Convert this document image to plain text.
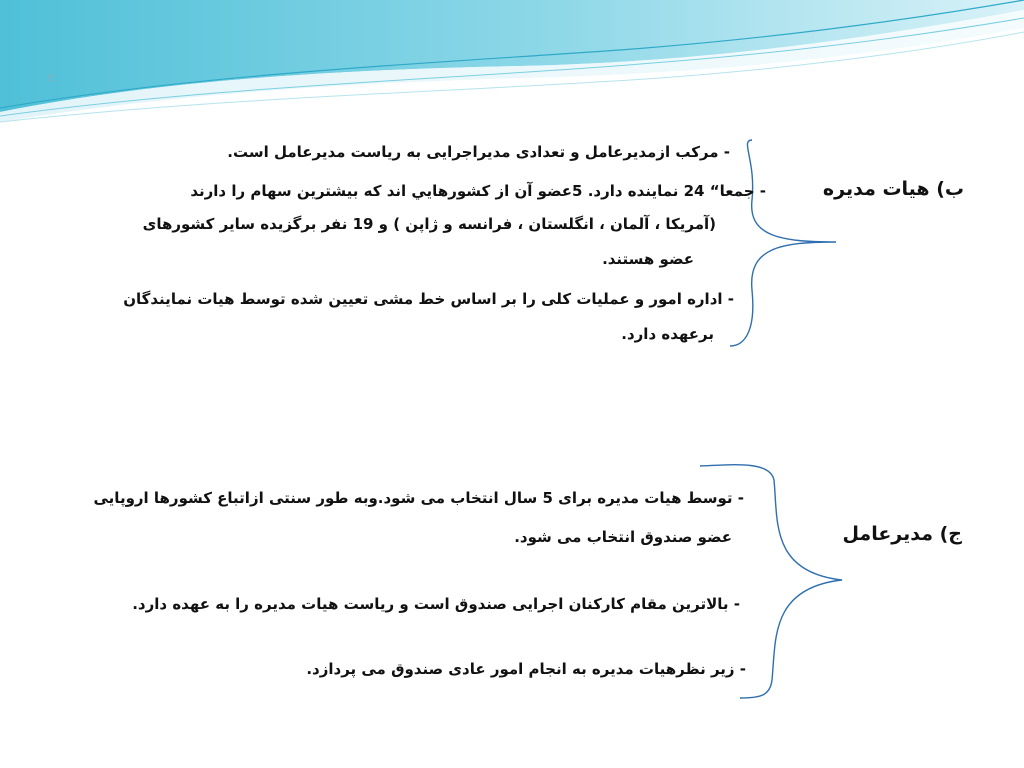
خ
ب) هيات مديره
- مرکب ازمديرعامل و تعدادی مديراجرايی به رياست مديرعامل است.
- جمعا“ 24 نماينده دارد. 5عضو آن از کشورهايي اند که بيشترين سهام را دارند
(آمريکا ، آلمان ، انگلستان ، فرانسه و ژاپن ) و 19 نفر برگزيده ساير کشورهای
عضو هستند.
- اداره امور و عمليات کلی را بر اساس خط مشی تعيين شده توسط هيات نمايندگان
برعهده دارد.
ج) مديرعامل
- توسط هيات مديره برای 5 سال انتخاب می شود.وبه طور سنتی ازاتباع کشورها اروپايی
عضو صندوق انتخاب می شود.
- بالاترين مقام کارکنان اجرايی صندوق است و رياست هيات مديره را به عهده دارد.
- زير نظرهيات مديره به انجام امور عادی صندوق می پردازد.
